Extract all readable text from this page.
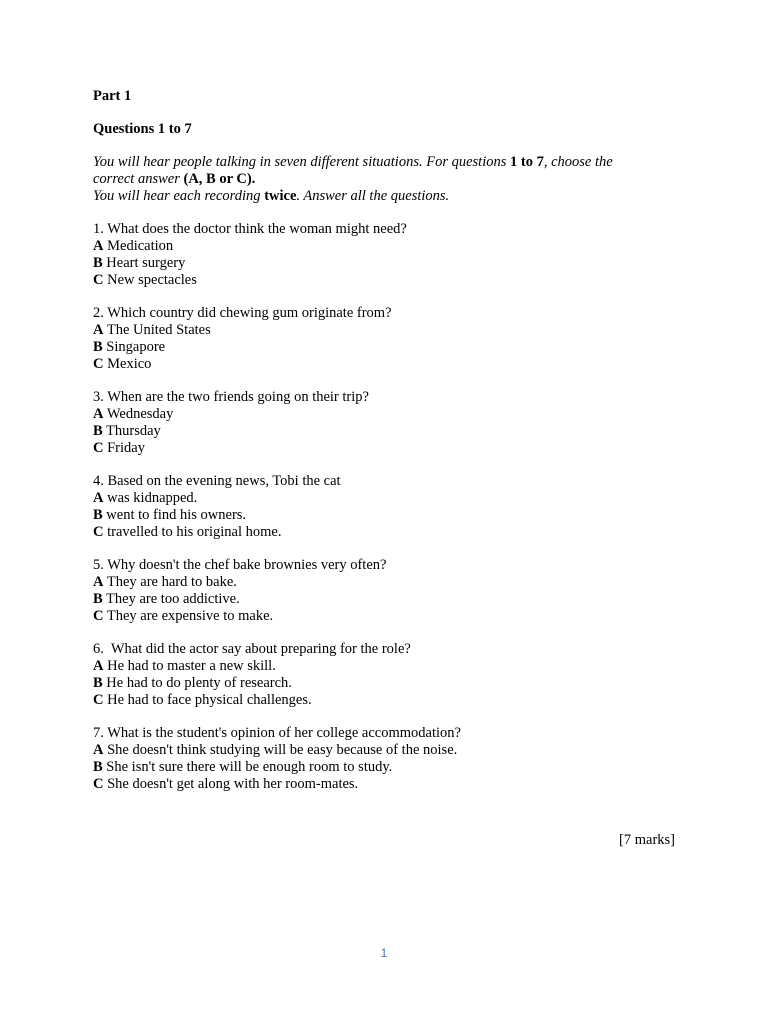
Part 1
Questions 1 to 7
You will hear people talking in seven different situations. For questions 1 to 7, choose the
correct answer (A, B or C).
You will hear each recording twice. Answer all the questions.
1. What does the doctor think the woman might need?
A Medication
B Heart surgery
C New spectacles
2. Which country did chewing gum originate from?
A The United States
B Singapore
C Mexico
3. When are the two friends going on their trip?
A Wednesday
B Thursday
C Friday
4. Based on the evening news, Tobi the cat
A was kidnapped.
B went to find his owners.
C travelled to his original home.
5. Why doesn't the chef bake brownies very often?
A They are hard to bake.
B They are too addictive.
C They are expensive to make.
6.  What did the actor say about preparing for the role?
A He had to master a new skill.
B He had to do plenty of research.
C He had to face physical challenges.
7. What is the student's opinion of her college accommodation?
A She doesn't think studying will be easy because of the noise.
B She isn't sure there will be enough room to study.
C She doesn't get along with her room-mates.
[7 marks]
1
